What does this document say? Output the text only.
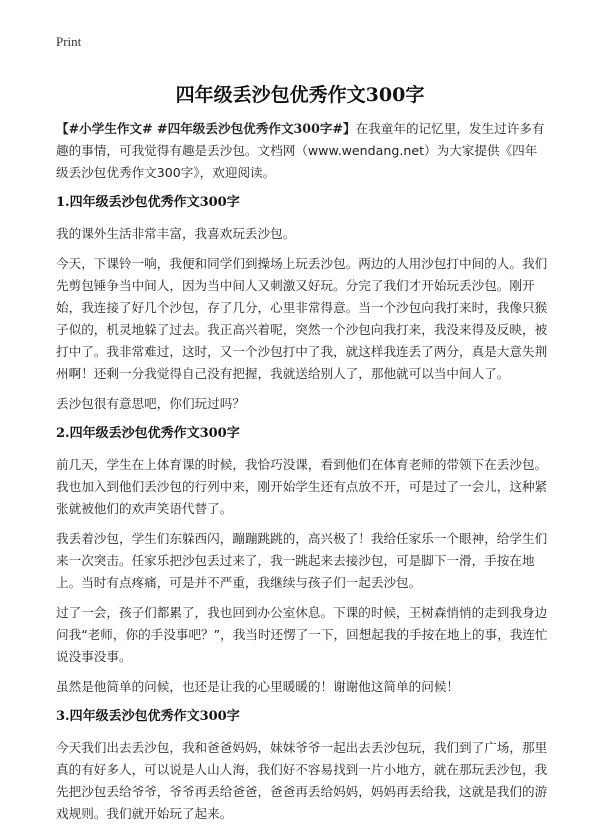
Print
四年级丢沙包优秀作文300字

【#小学生作文# #四年级丢沙包优秀作文300字#】在我童年的记忆里，发生过许多有趣的事情，可我觉得有趣是丢沙包。文档网（www.wendang.net）为大家提供《四年级丢沙包优秀作文300字》，欢迎阅读。

1.四年级丢沙包优秀作文300字

我的课外生活非常丰富，我喜欢玩丢沙包。

今天，下课铃一响，我便和同学们到操场上玩丢沙包。两边的人用沙包打中间的人。我们先剪包锤争当中间人，因为当中间人又刺激又好玩。分完了我们才开始玩丢沙包。刚开始，我连接了好几个沙包，存了几分，心里非常得意。当一个沙包向我打来时，我像只猴子似的，机灵地躲了过去。我正高兴着呢，突然一个沙包向我打来，我没来得及反映，被打中了。我非常难过，这时，又一个沙包打中了我，就这样我连丢了两分，真是大意失荆州啊！还剩一分我觉得自己没有把握，我就送给别人了，那他就可以当中间人了。

丢沙包很有意思吧，你们玩过吗？

2.四年级丢沙包优秀作文300字

前几天，学生在上体育课的时候，我恰巧没课，看到他们在体育老师的带领下在丢沙包。我也加入到他们丢沙包的行列中来，刚开始学生还有点放不开，可是过了一会儿，这种紧张就被他们的欢声笑语代替了。

我丢着沙包，学生们东躲西闪，蹦蹦跳跳的，高兴极了！我给任家乐一个眼神，给学生们来一次突击。任家乐把沙包丢过来了，我一跳起来去接沙包，可是脚下一滑，手按在地上。当时有点疼痛，可是并不严重，我继续与孩子们一起丢沙包。

过了一会，孩子们都累了，我也回到办公室休息。下课的时候，王树森悄悄的走到我身边问我“老师，你的手没事吧？”，我当时还愣了一下，回想起我的手按在地上的事，我连忙说没事没事。

虽然是他简单的问候，也还是让我的心里暖暖的！谢谢他这简单的问候！

3.四年级丢沙包优秀作文300字

今天我们出去丢沙包，我和爸爸妈妈，妹妹爷爷一起出去丢沙包玩，我们到了广场，那里真的有好多人，可以说是人山人海，我们好不容易找到一片小地方，就在那玩丢沙包，我先把沙包丢给爷爷，爷爷再丢给爸爸，爸爸再丢给妈妈，妈妈再丢给我，这就是我们的游戏规则。我们就开始玩了起来。
